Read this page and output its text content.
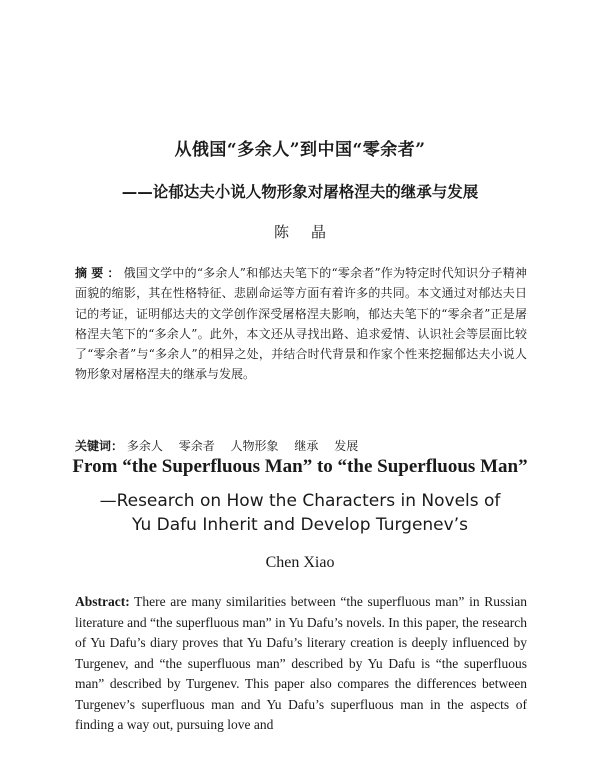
从俄国“多余人”到中国“零余者”
——论郁达夫小说人物形象对屠格涅夫的继承与发展
陈晶
摘要：俄国文学中的“多余人”和郁达夫笔下的“零余者”作为特定时代知识分子精神面貌的缩影，其在性格特征、悲剧命运等方面有着许多的共同。本文通过对郁达夫日记的考证，证明郁达夫的文学创作深受屠格涅夫影响，郁达夫笔下的“零余者”正是屠格涅夫笔下的“多余人”。此外，本文还从寻找出路、追求爱情、认识社会等层面比较了“零余者”与“多余人”的相异之处，并结合时代背景和作家个性来挖掘郁达夫小说人物形象对屠格涅夫的继承与发展。
关键词： 多余人 零余者 人物形象 继承 发展
From “the Superfluous Man” to “the Superfluous Man”
—Research on How the Characters in Novels of Yu Dafu Inherit and Develop Turgenev’s
Chen Xiao
Abstract: There are many similarities between “the superfluous man” in Russian literature and “the superfluous man” in Yu Dafu’s novels. In this paper, the research of Yu Dafu’s diary proves that Yu Dafu’s literary creation is deeply influenced by Turgenev, and “the superfluous man” described by Yu Dafu is “the superfluous man” described by Turgenev. This paper also compares the differences between Turgenev’s superfluous man and Yu Dafu’s superfluous man in the aspects of finding a way out, pursuing love and
